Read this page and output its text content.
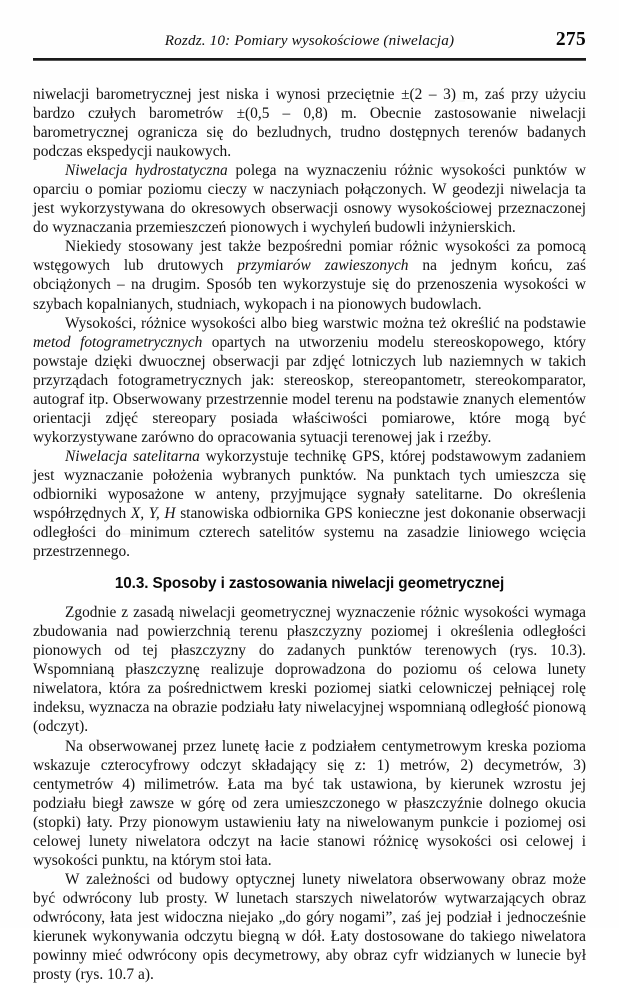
Rozdz. 10: Pomiary wysokościowe (niwelacja)	275

niwelacji barometrycznej jest niska i wynosi przeciętnie ±(2 – 3) m, zaś przy użyciu bardzo czułych barometrów ±(0,5 – 0,8) m. Obecnie zastosowanie niwelacji barometrycznej ogranicza się do bezludnych, trudno dostępnych terenów badanych podczas ekspedycji naukowych.

Niwelacja hydrostatyczna polega na wyznaczeniu różnic wysokości punktów w oparciu o pomiar poziomu cieczy w naczyniach połączonych. W geodezji niwelacja ta jest wykorzystywana do okresowych obserwacji osnowy wysokościowej przeznaczonej do wyznaczania przemieszczeń pionowych i wychyleń budowli inżynierskich.

Niekiedy stosowany jest także bezpośredni pomiar różnic wysokości za pomocą wstęgowych lub drutowych przymiarów zawieszonych na jednym końcu, zaś obciążonych – na drugim. Sposób ten wykorzystuje się do przenoszenia wysokości w szybach kopalnianych, studniach, wykopach i na pionowych budowlach.

Wysokości, różnice wysokości albo bieg warstwic można też określić na podstawie metod fotogrametrycznych opartych na utworzeniu modelu stereoskopowego, który powstaje dzięki dwuocznej obserwacji par zdjęć lotniczych lub naziemnych w takich przyrządach fotogrametrycznych jak: stereoskop, stereopantometr, stereokomparator, autograf itp. Obserwowany przestrzennie model terenu na podstawie znanych elementów orientacji zdjęć stereopary posiada właściwości pomiarowe, które mogą być wykorzystywane zarówno do opracowania sytuacji terenowej jak i rzeźby.

Niwelacja satelitarna wykorzystuje technikę GPS, której podstawowym zadaniem jest wyznaczanie położenia wybranych punktów. Na punktach tych umieszcza się odbiorniki wyposażone w anteny, przyjmujące sygnały satelitarne. Do określenia współrzędnych X, Y, H stanowiska odbiornika GPS konieczne jest dokonanie obserwacji odległości do minimum czterech satelitów systemu na zasadzie liniowego wcięcia przestrzennego.

10.3. Sposoby i zastosowania niwelacji geometrycznej

Zgodnie z zasadą niwelacji geometrycznej wyznaczenie różnic wysokości wymaga zbudowania nad powierzchnią terenu płaszczyzny poziomej i określenia odległości pionowych od tej płaszczyzny do zadanych punktów terenowych (rys. 10.3). Wspomnianą płaszczyznę realizuje doprowadzona do poziomu oś celowa lunety niwelatora, która za pośrednictwem kreski poziomej siatki celowniczej pełniącej rolę indeksu, wyznacza na obrazie podziału łaty niwelacyjnej wspomnianą odległość pionową (odczyt).

Na obserwowanej przez lunetę łacie z podziałem centymetrowym kreska pozioma wskazuje czterocyfrowy odczyt składający się z: 1) metrów, 2) decymetrów, 3) centymetrów 4) milimetrów. Łata ma być tak ustawiona, by kierunek wzrostu jej podziału biegł zawsze w górę od zera umieszczonego w płaszczyźnie dolnego okucia (stopki) łaty. Przy pionowym ustawieniu łaty na niwelowanym punkcie i poziomej osi celowej lunety niwelatora odczyt na łacie stanowi różnicę wysokości osi celowej i wysokości punktu, na którym stoi łata.

W zależności od budowy optycznej lunety niwelatora obserwowany obraz może być odwrócony lub prosty. W lunetach starszych niwelatorów wytwarzających obraz odwrócony, łata jest widoczna niejako „do góry nogami”, zaś jej podział i jednocześnie kierunek wykonywania odczytu biegną w dół. Łaty dostosowane do takiego niwelatora powinny mieć odwrócony opis decymetrowy, aby obraz cyfr widzianych w lunecie był prosty (rys. 10.7 a).
